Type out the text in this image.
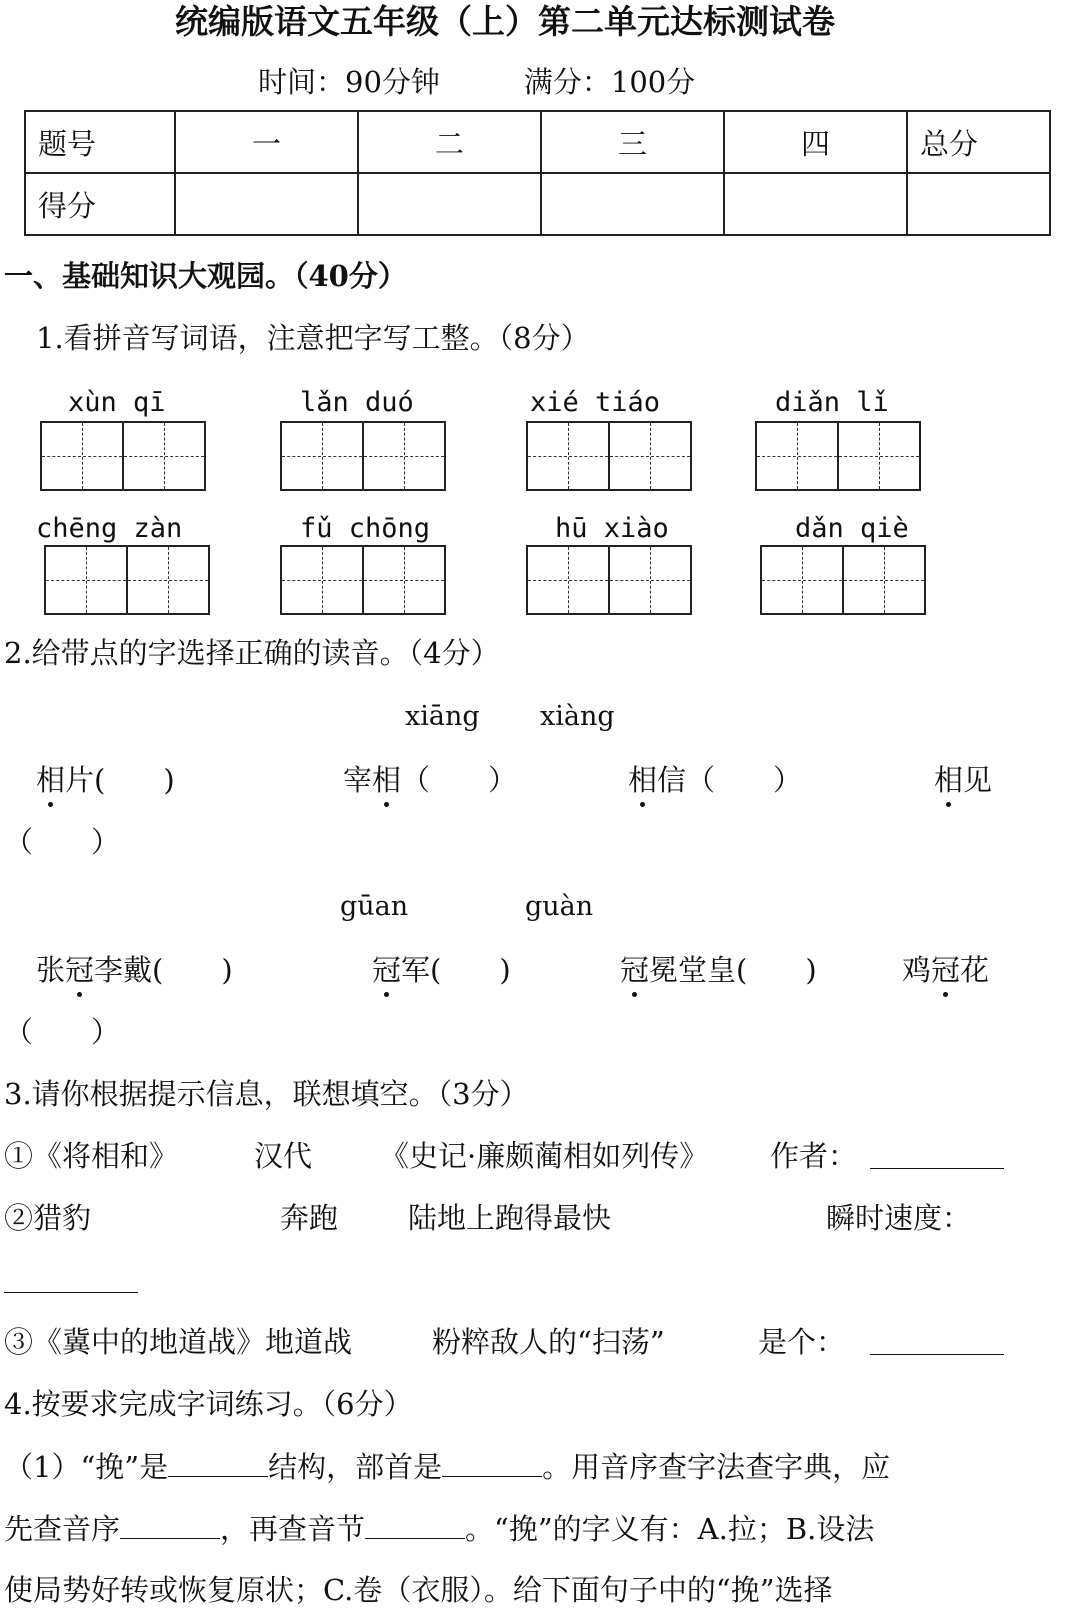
统编版语文五年级（上）第二单元达标测试卷
时间：90分钟	满分：100分
题号	一	二	三	四	总分
得分					
一、基础知识大观园。（40分）
1.看拼音写词语，注意把字写工整。（8分）
xùn qī	lǎn duó	xié tiáo	diǎn lǐ
chēng zàn	fǔ chōng	hū xiào	dǎn qiè
2.给带点的字选择正确的读音。（4分）
xiāng xiàng
相片(　　)	宰相（　　）	相信（　　）	相见
（　　）
gūan	guàn
张冠李戴(　　)	冠军(　　)	冠冕堂皇(　　)	鸡冠花
（　　）
3.请你根据提示信息，联想填空。（3分）
①《将相和》	汉代 《史记·廉颇蔺相如列传》 作者：
②猎豹	奔跑 陆地上跑得最快	瞬时速度：
③《冀中的地道战》地道战	粉粹敌人的“扫荡”	是个：
4.按要求完成字词练习。（6分）
（1）“挽”是	结构，部首是	。用音序查字法查字典，应
先查音序	，再查音节	。“挽”的字义有：A.拉；B.设法
使局势好转或恢复原状；C.卷（衣服）。给下面句子中的“挽”选择
